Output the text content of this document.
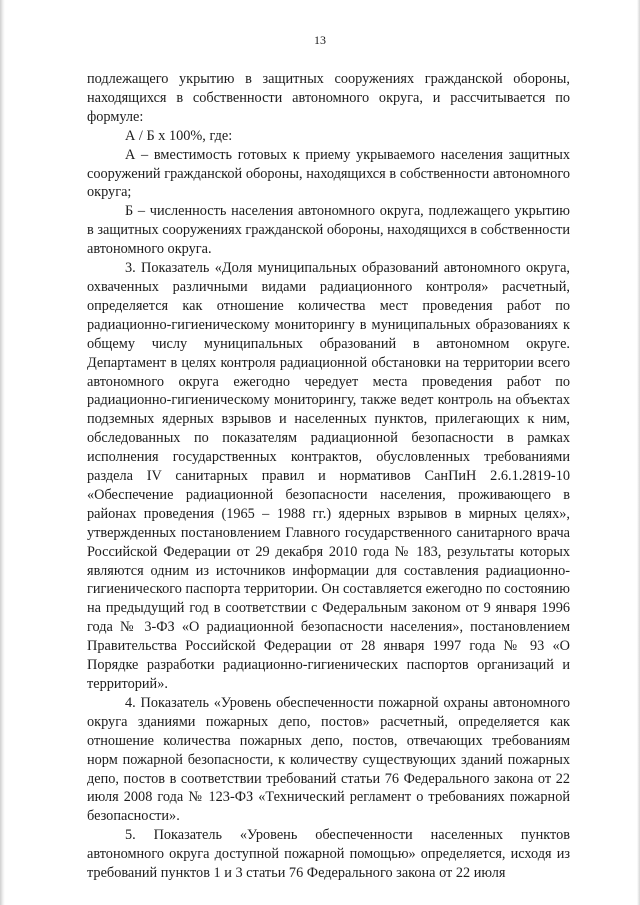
13

подлежащего укрытию в защитных сооружениях гражданской обороны, находящихся в собственности автономного округа, и рассчитывается по формуле:

А / Б х 100%, где:

А – вместимость готовых к приему укрываемого населения защитных сооружений гражданской обороны, находящихся в собственности автономного округа;

Б – численность населения автономного округа, подлежащего укрытию в защитных сооружениях гражданской обороны, находящихся в собственности автономного округа.

3. Показатель «Доля муниципальных образований автономного округа, охваченных различными видами радиационного контроля» расчетный, определяется как отношение количества мест проведения работ по радиационно-гигиеническому мониторингу в муниципальных образованиях к общему числу муниципальных образований в автономном округе. Департамент в целях контроля радиационной обстановки на территории всего автономного округа ежегодно чередует места проведения работ по радиационно-гигиеническому мониторингу, также ведет контроль на объектах подземных ядерных взрывов и населенных пунктов, прилегающих к ним, обследованных по показателям радиационной безопасности в рамках исполнения государственных контрактов, обусловленных требованиями раздела IV санитарных правил и нормативов СанПиН 2.6.1.2819-10 «Обеспечение радиационной безопасности населения, проживающего в районах проведения (1965 – 1988 гг.) ядерных взрывов в мирных целях», утвержденных постановлением Главного государственного санитарного врача Российской Федерации от 29 декабря 2010 года № 183, результаты которых являются одним из источников информации для составления радиационно-гигиенического паспорта территории. Он составляется ежегодно по состоянию на предыдущий год в соответствии с Федеральным законом от 9 января 1996 года № 3-ФЗ «О радиационной безопасности населения», постановлением Правительства Российской Федерации от 28 января 1997 года № 93 «О Порядке разработки радиационно-гигиенических паспортов организаций и территорий».

4. Показатель «Уровень обеспеченности пожарной охраны автономного округа зданиями пожарных депо, постов» расчетный, определяется как отношение количества пожарных депо, постов, отвечающих требованиям норм пожарной безопасности, к количеству существующих зданий пожарных депо, постов в соответствии требований статьи 76 Федерального закона от 22 июля 2008 года № 123-ФЗ «Технический регламент о требованиях пожарной безопасности».

5. Показатель «Уровень обеспеченности населенных пунктов автономного округа доступной пожарной помощью» определяется, исходя из требований пунктов 1 и 3 статьи 76 Федерального закона от 22 июля
